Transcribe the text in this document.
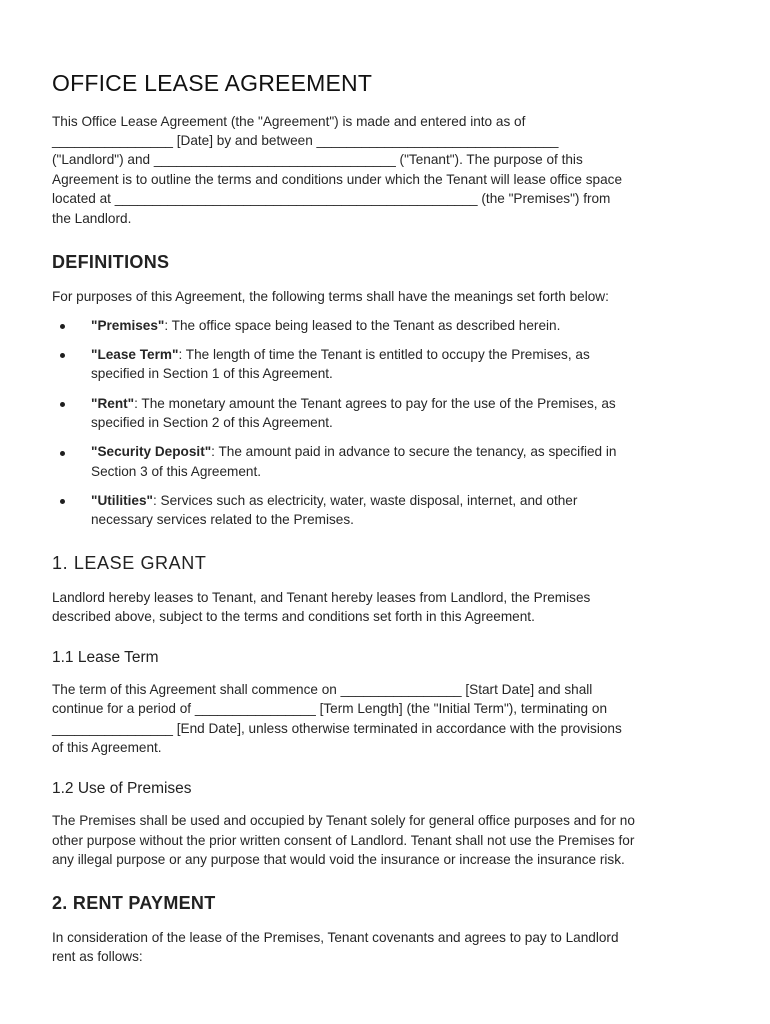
OFFICE LEASE AGREEMENT

This Office Lease Agreement (the "Agreement") is made and entered into as of

________________ [Date] by and between ________________________________

("Landlord") and ________________________________ ("Tenant"). The purpose of this

Agreement is to outline the terms and conditions under which the Tenant will lease office space

located at ________________________________________________ (the "Premises") from

the Landlord.

DEFINITIONS

For purposes of this Agreement, the following terms shall have the meanings set forth below:

"Premises": The office space being leased to the Tenant as described herein.

"Lease Term": The length of time the Tenant is entitled to occupy the Premises, as

specified in Section 1 of this Agreement.

"Rent": The monetary amount the Tenant agrees to pay for the use of the Premises, as

specified in Section 2 of this Agreement.

"Security Deposit": The amount paid in advance to secure the tenancy, as specified in

Section 3 of this Agreement.

"Utilities": Services such as electricity, water, waste disposal, internet, and other

necessary services related to the Premises.

1. LEASE GRANT

Landlord hereby leases to Tenant, and Tenant hereby leases from Landlord, the Premises

described above, subject to the terms and conditions set forth in this Agreement.

1.1 Lease Term

The term of this Agreement shall commence on ________________ [Start Date] and shall

continue for a period of ________________ [Term Length] (the "Initial Term"), terminating on

________________ [End Date], unless otherwise terminated in accordance with the provisions

of this Agreement.

1.2 Use of Premises

The Premises shall be used and occupied by Tenant solely for general office purposes and for no

other purpose without the prior written consent of Landlord. Tenant shall not use the Premises for

any illegal purpose or any purpose that would void the insurance or increase the insurance risk.

2. RENT PAYMENT

In consideration of the lease of the Premises, Tenant covenants and agrees to pay to Landlord

rent as follows:
